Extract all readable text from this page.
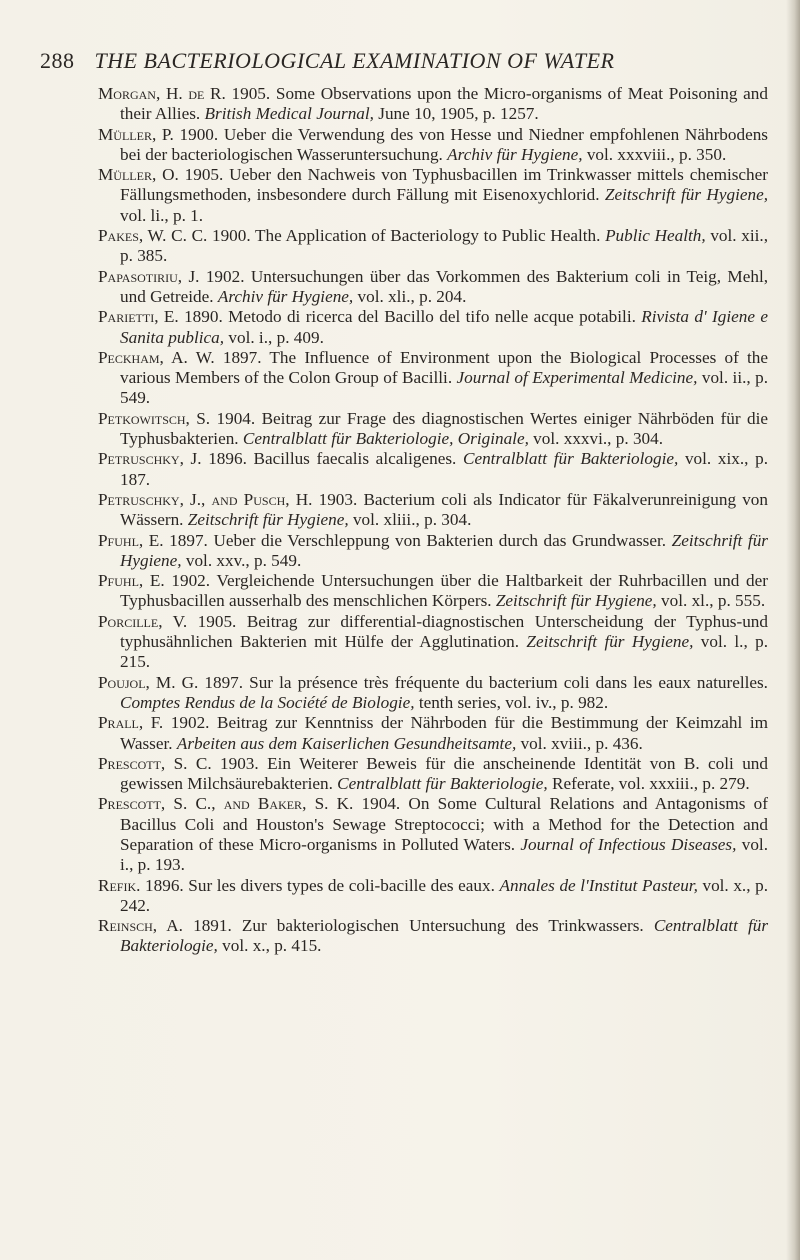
288 THE BACTERIOLOGICAL EXAMINATION OF WATER
Morgan, H. de R. 1905. Some Observations upon the Micro-organisms of Meat Poisoning and their Allies. British Medical Journal, June 10, 1905, p. 1257.
Müller, P. 1900. Ueber die Verwendung des von Hesse und Niedner empfohlenen Nährbodens bei der bacteriologischen Wasseruntersuchung. Archiv für Hygiene, vol. xxxviii., p. 350.
Müller, O. 1905. Ueber den Nachweis von Typhusbacillen im Trinkwasser mittels chemischer Fällungsmethoden, insbesondere durch Fällung mit Eisenoxychlorid. Zeitschrift für Hygiene, vol. li., p. 1.
Pakes, W. C. C. 1900. The Application of Bacteriology to Public Health. Public Health, vol. xii., p. 385.
Papasotiriu, J. 1902. Untersuchungen über das Vorkommen des Bakterium coli in Teig, Mehl, und Getreide. Archiv für Hygiene, vol. xli., p. 204.
Parietti, E. 1890. Metodo di ricerca del Bacillo del tifo nelle acque potabili. Rivista d' Igiene e Sanita publica, vol. i., p. 409.
Peckham, A. W. 1897. The Influence of Environment upon the Biological Processes of the various Members of the Colon Group of Bacilli. Journal of Experimental Medicine, vol. ii., p. 549.
Petkowitsch, S. 1904. Beitrag zur Frage des diagnostischen Wertes einiger Nährböden für die Typhusbakterien. Centralblatt für Bakteriologie, Originale, vol. xxxvi., p. 304.
Petruschky, J. 1896. Bacillus faecalis alcaligenes. Centralblatt für Bakteriologie, vol. xix., p. 187.
Petruschky, J., and Pusch, H. 1903. Bacterium coli als Indicator für Fäkalverunreinigung von Wässern. Zeitschrift für Hygiene, vol. xliii., p. 304.
Pfuhl, E. 1897. Ueber die Verschleppung von Bakterien durch das Grundwasser. Zeitschrift für Hygiene, vol. xxv., p. 549.
Pfuhl, E. 1902. Vergleichende Untersuchungen über die Haltbarkeit der Ruhrbacillen und der Typhusbacillen ausserhalb des menschlichen Körpers. Zeitschrift für Hygiene, vol. xl., p. 555.
Porcille, V. 1905. Beitrag zur differential-diagnostischen Unterscheidung der Typhus-und typhusähnlichen Bakterien mit Hülfe der Agglutination. Zeitschrift für Hygiene, vol. l., p. 215.
Poujol, M. G. 1897. Sur la présence très fréquente du bacterium coli dans les eaux naturelles. Comptes Rendus de la Société de Biologie, tenth series, vol. iv., p. 982.
Prall, F. 1902. Beitrag zur Kenntniss der Nährboden für die Bestimmung der Keimzahl im Wasser. Arbeiten aus dem Kaiserlichen Gesundheitsamte, vol. xviii., p. 436.
Prescott, S. C. 1903. Ein Weiterer Beweis für die anscheinende Identität von B. coli und gewissen Milchsäurebakterien. Centralblatt für Bakteriologie, Referate, vol. xxxiii., p. 279.
Prescott, S. C., and Baker, S. K. 1904. On Some Cultural Relations and Antagonisms of Bacillus Coli and Houston's Sewage Streptococci; with a Method for the Detection and Separation of these Micro-organisms in Polluted Waters. Journal of Infectious Diseases, vol. i., p. 193.
Refik. 1896. Sur les divers types de coli-bacille des eaux. Annales de l'Institut Pasteur, vol. x., p. 242.
Reinsch, A. 1891. Zur bakteriologischen Untersuchung des Trinkwassers. Centralblatt für Bakteriologie, vol. x., p. 415.
